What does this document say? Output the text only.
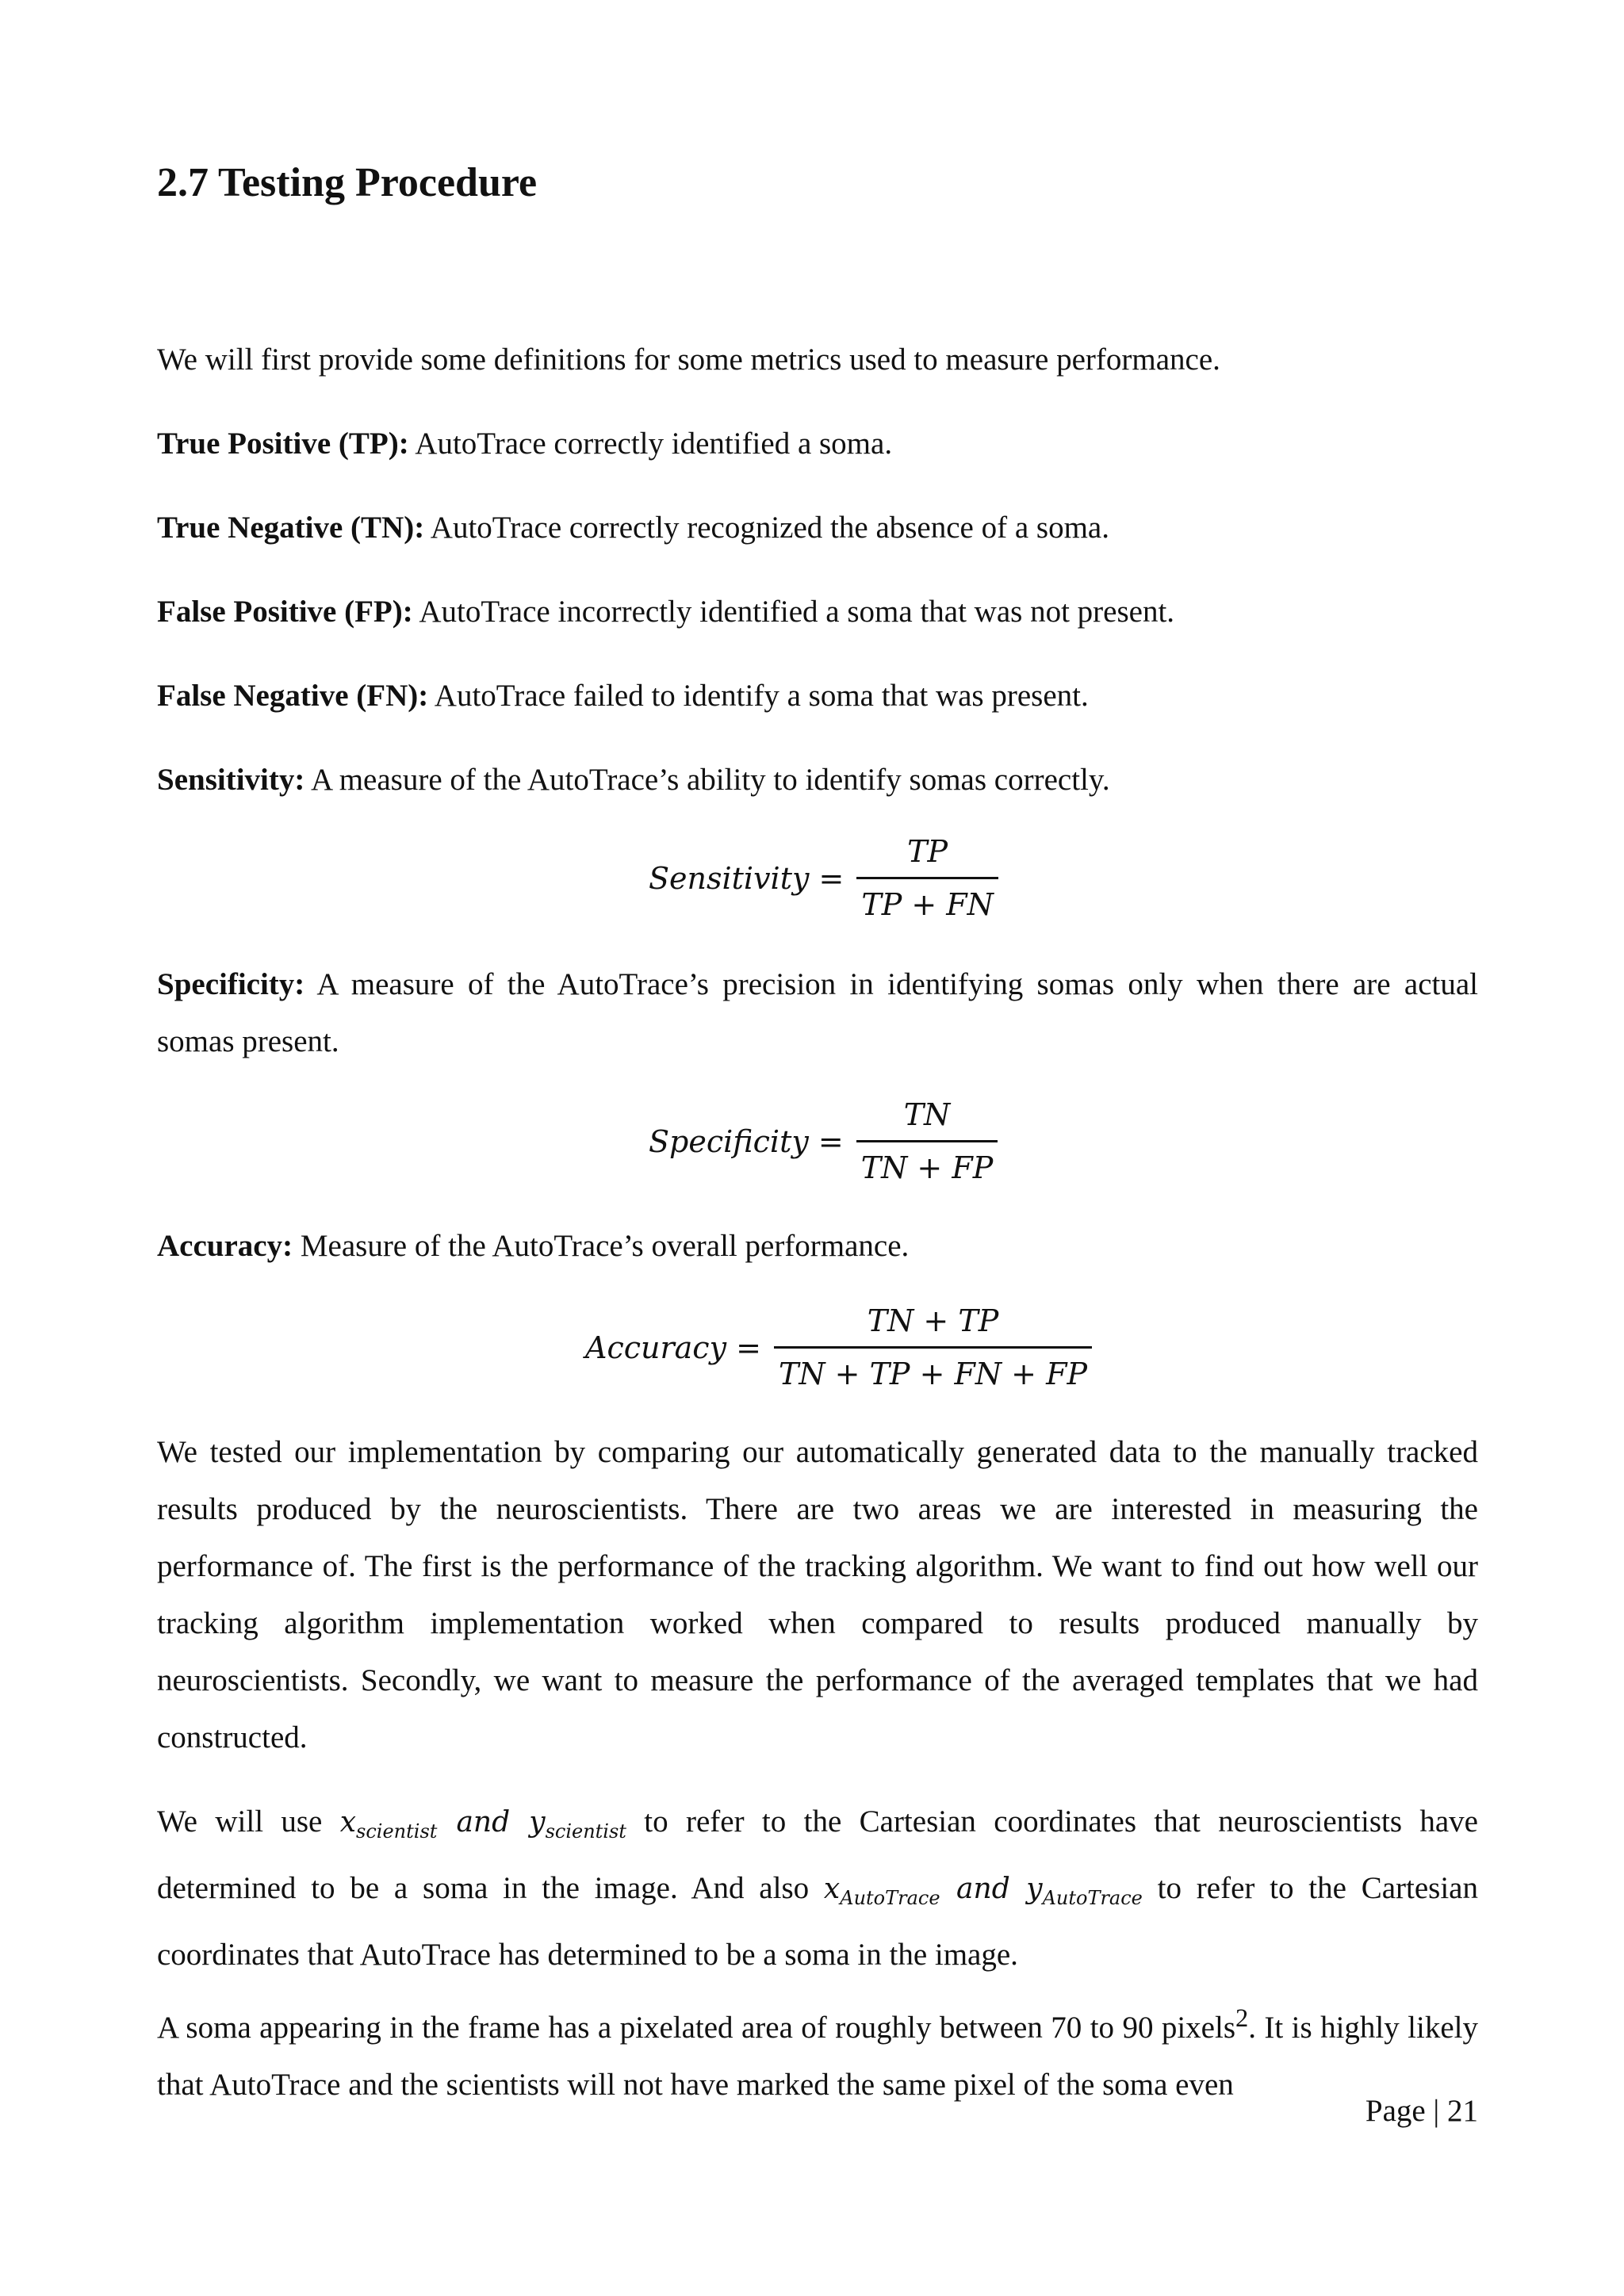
2.7 Testing Procedure

We will first provide some definitions for some metrics used to measure performance.

True Positive (TP): AutoTrace correctly identified a soma.

True Negative (TN): AutoTrace correctly recognized the absence of a soma.

False Positive (FP): AutoTrace incorrectly identified a soma that was not present.

False Negative (FN): AutoTrace failed to identify a soma that was present.

Sensitivity: A measure of the AutoTrace’s ability to identify somas correctly.

Sensitivity = $\frac{TP}{TP + FN}$

Specificity: A measure of the AutoTrace’s precision in identifying somas only when there are actual somas present.

Specificity = $\frac{TN}{TN + FP}$

Accuracy: Measure of the AutoTrace’s overall performance.

Accuracy = $\frac{TN + TP}{TN + TP + FN + FP}$

We tested our implementation by comparing our automatically generated data to the manually tracked results produced by the neuroscientists. There are two areas we are interested in measuring the performance of. The first is the performance of the tracking algorithm. We want to find out how well our tracking algorithm implementation worked when compared to results produced manually by neuroscientists. Secondly, we want to measure the performance of the averaged templates that we had constructed.

We will use $x_{scientist}$ and $y_{scientist}$ to refer to the Cartesian coordinates that neuroscientists have determined to be a soma in the image. And also $x_{AutoTrace}$ and $y_{AutoTrace}$ to refer to the Cartesian coordinates that AutoTrace has determined to be a soma in the image.

A soma appearing in the frame has a pixelated area of roughly between 70 to 90 pixels$^2$. It is highly likely that AutoTrace and the scientists will not have marked the same pixel of the soma even

Page | 21
